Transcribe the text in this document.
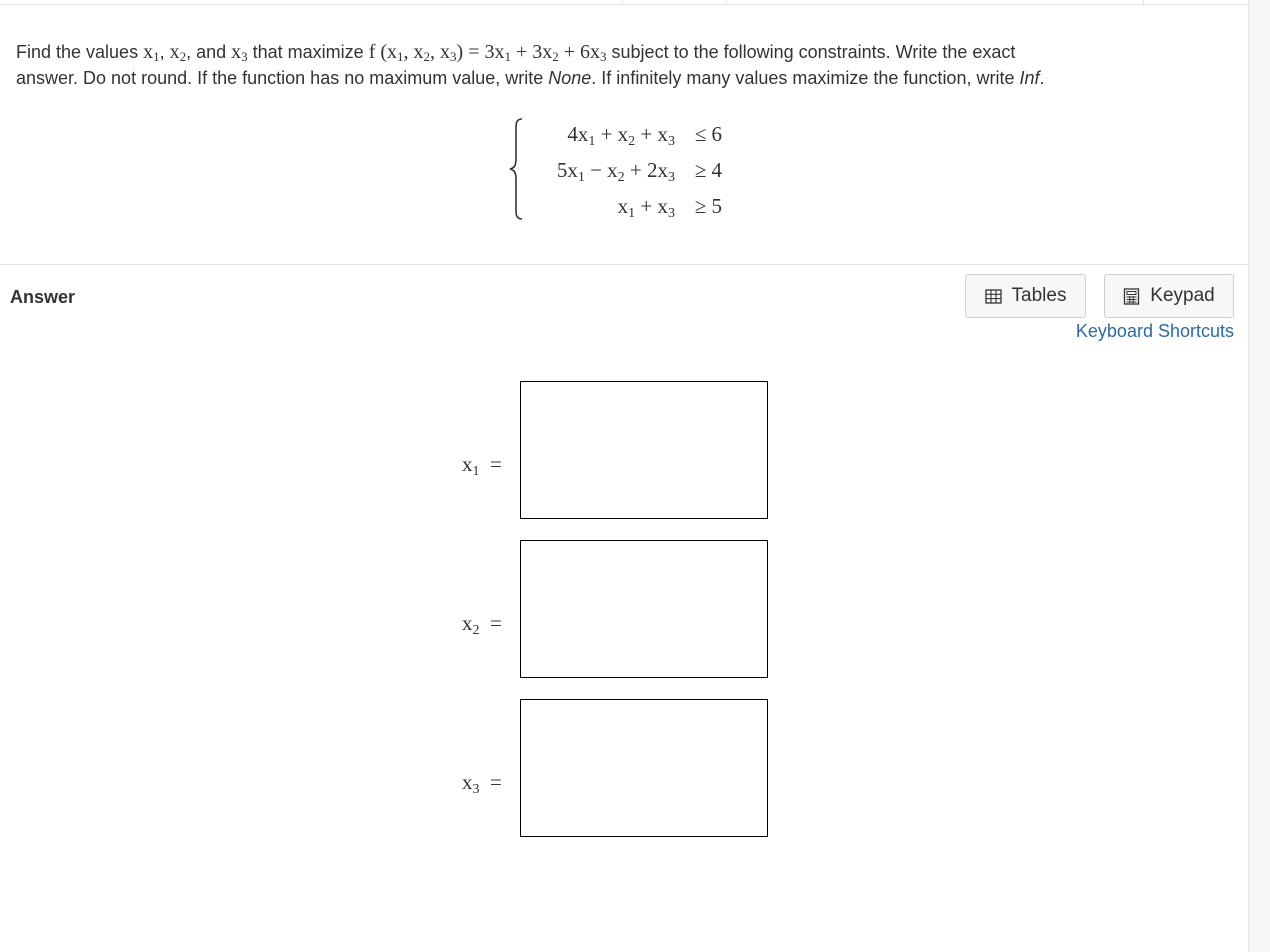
Find the values $x_1$, $x_2$, and $x_3$ that maximize f ($x_1$, $x_2$, $x_3) = 3x_1 + 3x_2 + 6x_3$ subject to the following constraints. Write the exact
answer. Do not round. If the function has no maximum value, write None. If infinitely many values maximize the function, write Inf.
$4x_1 + x_2 + x_3 \le 6$
$5x_1 - x_2 + 2x_3 \ge 4$
$x_1 + x_3 \ge 5$
Answer	Tables	Keypad
Keyboard Shortcuts
$x_1$ =
$x_2$ =
$x_3$ =
